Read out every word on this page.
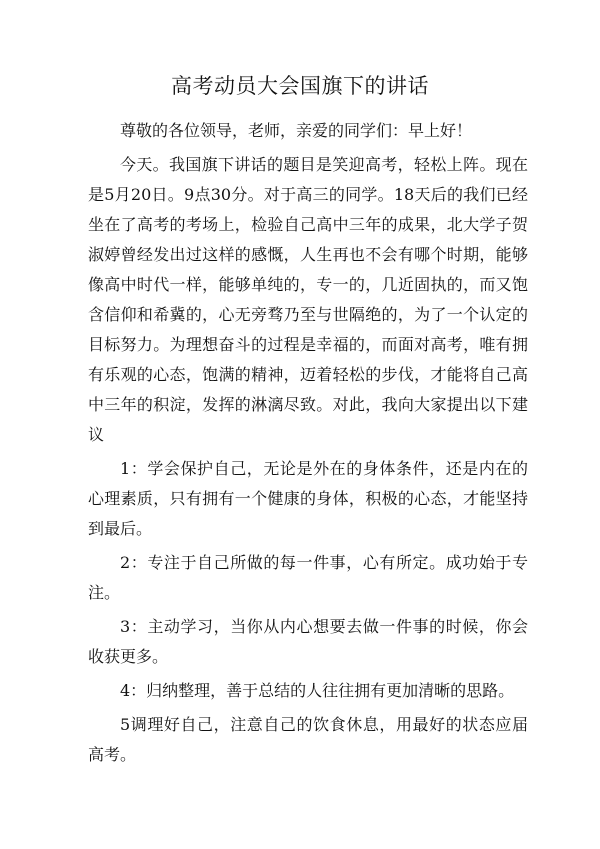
高考动员大会国旗下的讲话

尊敬的各位领导，老师，亲爱的同学们：早上好！

今天。我国旗下讲话的题目是笑迎高考，轻松上阵。现在是5月20日。9点30分。对于高三的同学。18天后的我们已经坐在了高考的考场上，检验自己高中三年的成果，北大学子贺淑婷曾经发出过这样的感慨，人生再也不会有哪个时期，能够像高中时代一样，能够单纯的，专一的，几近固执的，而又饱含信仰和希冀的，心无旁骛乃至与世隔绝的，为了一个认定的目标努力。为理想奋斗的过程是幸福的，而面对高考，唯有拥有乐观的心态，饱满的精神，迈着轻松的步伐，才能将自己高中三年的积淀，发挥的淋漓尽致。对此，我向大家提出以下建议

1：学会保护自己，无论是外在的身体条件，还是内在的心理素质，只有拥有一个健康的身体，积极的心态，才能坚持到最后。

2：专注于自己所做的每一件事，心有所定。成功始于专注。

3：主动学习，当你从内心想要去做一件事的时候，你会收获更多。

4：归纳整理，善于总结的人往往拥有更加清晰的思路。

5调理好自己，注意自己的饮食休息，用最好的状态应届高考。
